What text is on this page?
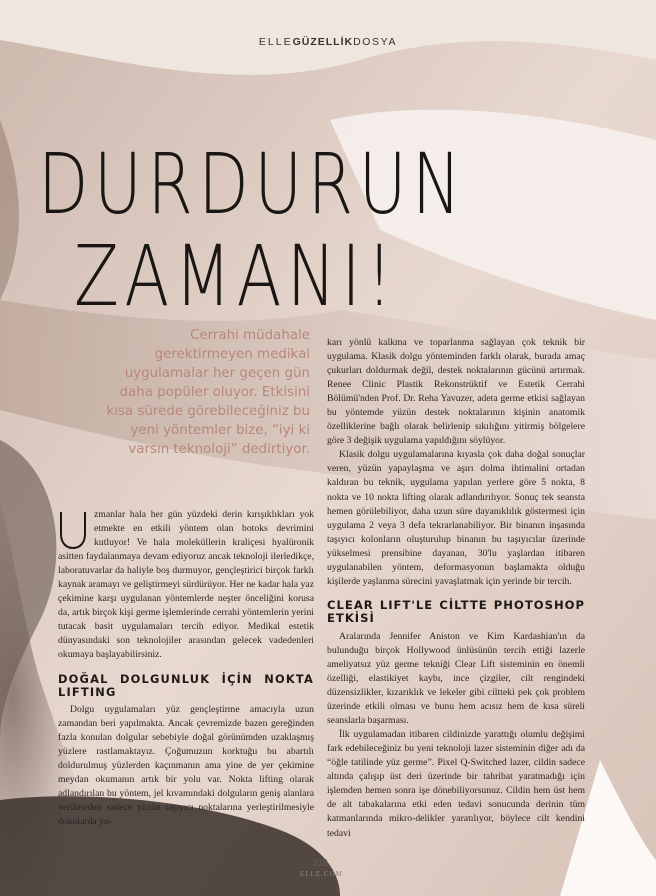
ELLEGÜZELLİKDOSYA
DURDURUN
ZAMANI!
Cerrahi müdahale gerektirmeyen medikal uygulamalar her geçen gün daha popüler oluyor. Etkisini kısa sürede görebileceğiniz bu yeni yöntemler bize, “iyi ki varsın teknoloji” dedirtiyor.

zmanlar hala her gün yüzdeki derin kırışıklıkları yok etmekte en etkili yöntem olan botoks devrimini kutluyor! Ve hala moleküllerin kraliçesi hyalüronik asitten faydalanmaya devam ediyoruz ancak teknoloji ilerledikçe, laboratuvarlar da haliyle boş durmuyor, gençleştirici birçok farklı kaynak aramayı ve geliştirmeyi sürdürüyor. Her ne kadar hala yaz çekimine karşı uygulanan yöntemlerde neşter önceliğini korusa da, artık birçok kişi germe işlemlerinde cerrahi yöntemlerin yerini tutacak basit uygulamaları tercih ediyor. Medikal estetik dünyasındaki son teknolojiler arasından gelecek vadedenleri okumaya başlayabilirsiniz.

DOĞAL DOLGUNLUK İÇİN NOKTA LIFTING

Dolgu uygulamaları yüz gençleştirme amacıyla uzun zamandan beri yapılmakta. Ancak çevremizde bazen gereğinden fazla konulan dolgular sebebiyle doğal görünümden uzaklaşmış yüzlere rastlamaktayız. Çoğumuzun korktuğu bu abartılı doldurulmuş yüzlerden kaçınmanın ama yine de yer çekimine meydan okumanın artık bir yolu var. Nokta lifting olarak adlandırılan bu yöntem, jel kıvamındaki dolguların geniş alanlara verilmeden sadece yüzün taşıyıcı noktalarına yerleştirilmesiyle dokularda yu-

karı yönlü kalkma ve toparlanma sağlayan çok teknik bir uygulama. Klasik dolgu yönteminden farklı olarak, burada amaç çukurları doldurmak değil, destek noktalarının gücünü artırmak. Renee Clinic Plastik Rekonstrüktif ve Estetik Cerrahi Bölümü'nden Prof. Dr. Reha Yavuzer, adeta germe etkisi sağlayan bu yöntemde yüzün destek noktalarının kişinin anatomik özelliklerine bağlı olarak belirlenip sıkılığını yitirmiş bölgelere göre 3 değişik uygulama yapıldığını söylüyor.

Klasik dolgu uygulamalarına kıyasla çok daha doğal sonuçlar veren, yüzün yapaylaşma ve aşırı dolma ihtimalini ortadan kaldıran bu teknik, uygulama yapılan yerlere göre 5 nokta, 8 nokta ve 10 nokta lifting olarak adlandırılıyor. Sonuç tek seansta hemen görülebiliyor, daha uzun süre dayanıklılık göstermesi için uygulama 2 veya 3 defa tekrarlanabiliyor. Bir binanın inşasında taşıyıcı kolonların oluşturulup binanın bu taşıyıcılar üzerinde yükselmesi prensibine dayanan, 30'lu yaşlardan itibaren uygulanabilen yöntem, deformasyonun başlamakta olduğu kişilerde yaşlanma sürecini yavaşlatmak için yerinde bir tercih.

CLEAR LIFT'LE CİLTTE PHOTOSHOP ETKİSİ

Aralarında Jennifer Aniston ve Kim Kardashian'ın da bulunduğu birçok Hollywood ünlüsünün tercih ettiği lazerle ameliyatsız yüz germe tekniği Clear Lift sisteminin en önemli özelliği, elastikiyet kaybı, ince çizgiler, cilt rengindeki düzensizlikler, kızarıklık ve lekeler gibi ciltteki pek çok problem üzerinde etkili olması ve bunu hem acısız hem de kısa süreli seanslarla başarması.

İlk uygulamadan itibaren cildinizde yarattığı olumlu değişimi fark edebileceğiniz bu yeni teknoloji lazer sisteminin diğer adı da “öğle tatilinde yüz germe”. Pixel Q-Switched lazer, cildin sadece altında çalışıp üst deri üzerinde bir tahribat yaratmadığı için işlemden hemen sonra işe dönebiliyorsunuz. Cildin hem üst hem de alt tabakalarına etki eden tedavi sonucunda derinin tüm katmanlarında mikro-delikler yaratılıyor, böylece cilt kendini tedavi

318
ELLE.COM
